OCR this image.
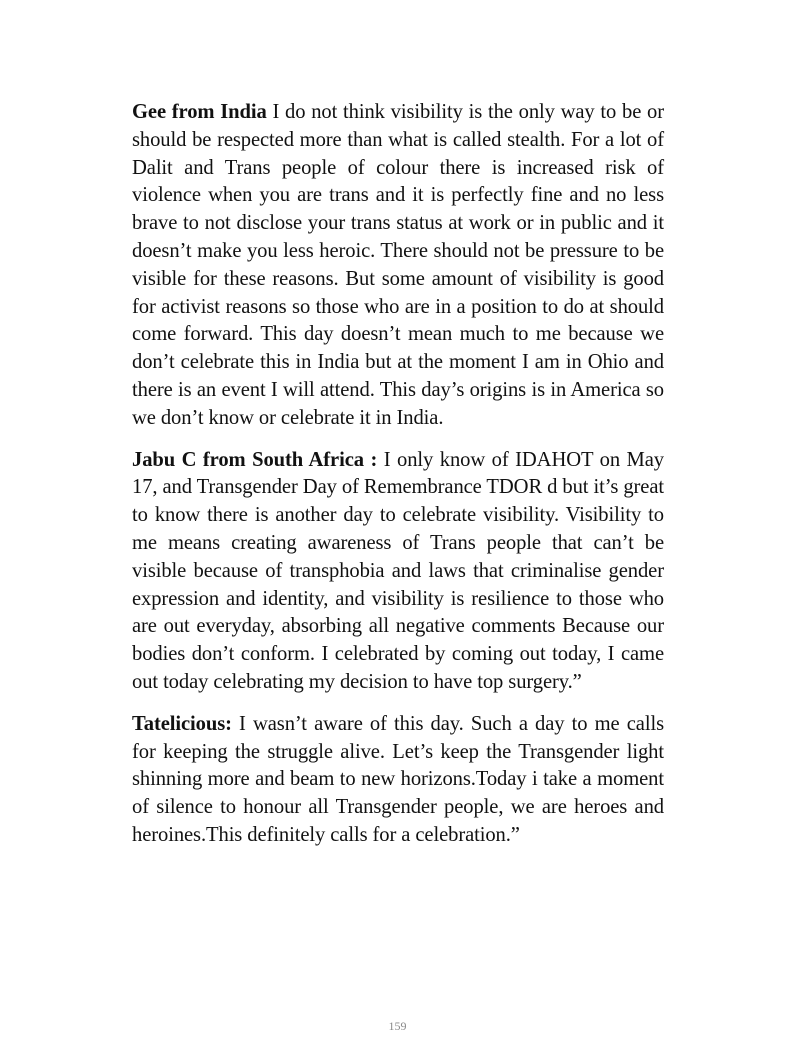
Gee from India I do not think visibility is the only way to be or should be respected more than what is called stealth. For a lot of Dalit and Trans people of colour there is increased risk of violence when you are trans and it is perfectly fine and no less brave to not disclose your trans status at work or in public and it doesn’t make you less heroic. There should not be pressure to be visible for these reasons. But some amount of visibility is good for activist reasons so those who are in a position to do at should come forward. This day doesn’t mean much to me because we don’t celebrate this in India but at the moment I am in Ohio and there is an event I will attend. This day’s origins is in America so we don’t know or celebrate it in India.

Jabu C from South Africa : I only know of IDAHOT on May 17, and Transgender Day of Remembrance TDOR d but it’s great to know there is another day to celebrate visibility. Visibility to me means creating awareness of Trans people that can’t be visible because of transphobia and laws that criminalise gender expression and identity, and visibility is resilience to those who are out everyday, absorbing all negative comments Because our bodies don’t conform. I celebrated by coming out today, I came out today celebrating my decision to have top surgery.”

Tatelicious: I wasn’t aware of this day. Such a day to me calls for keeping the struggle alive. Let’s keep the Transgender light shinning more and beam to new horizons.Today i take a moment of silence to honour all Transgender people, we are heroes and heroines.This definitely calls for a celebration.”

159
